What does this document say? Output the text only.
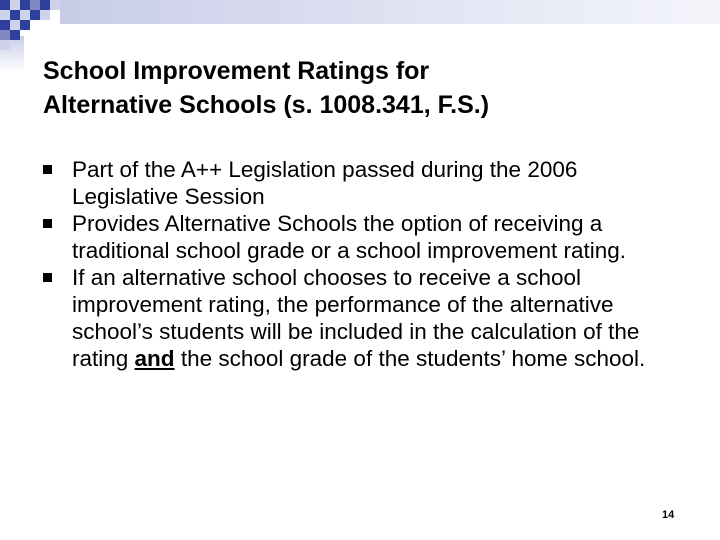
School Improvement Ratings for
Alternative Schools (s. 1008.341, F.S.)
Part of the A++ Legislation passed during the 2006 Legislative Session
Provides Alternative Schools the option of receiving a traditional school grade or a school improvement rating.
If an alternative school chooses to receive a school improvement rating, the performance of the alternative school’s students will be included in the calculation of the rating and the school grade of the students’ home school.
14
